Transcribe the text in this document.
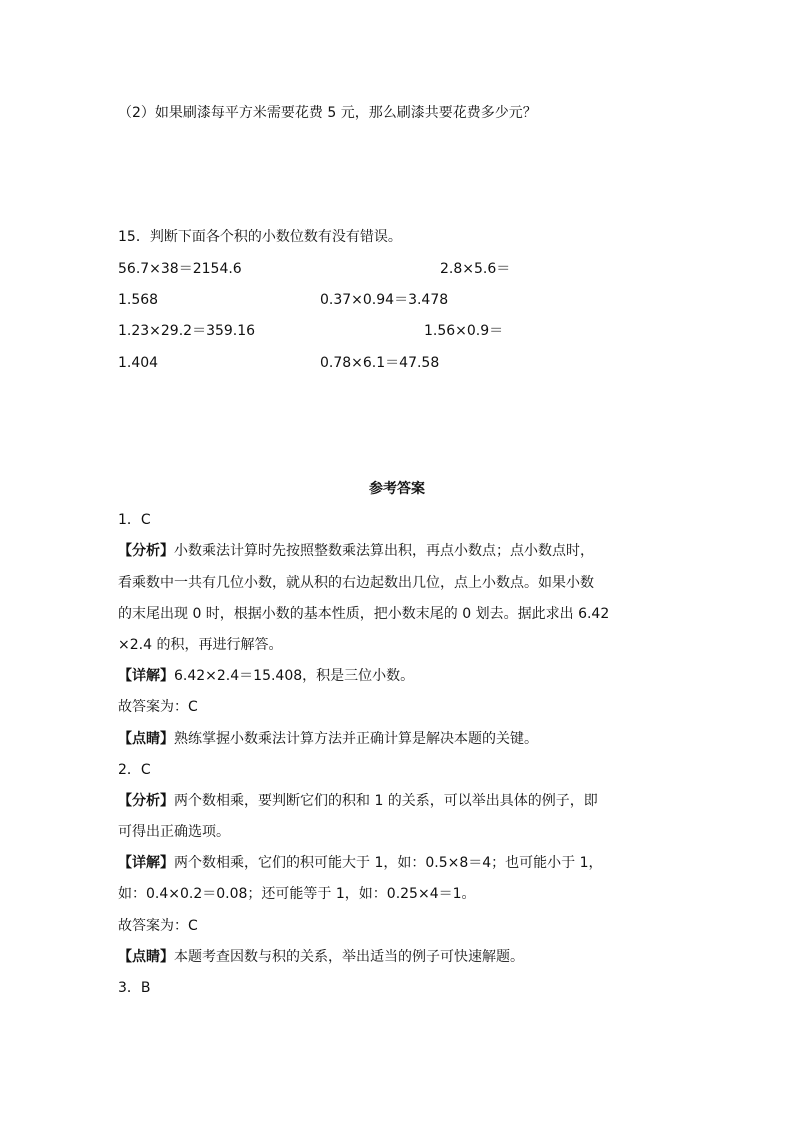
（2）如果刷漆每平方米需要花费 5 元，那么刷漆共要花费多少元？
15．判断下面各个积的小数位数有没有错误。
56.7×38＝2154.6	2.8×5.6＝
1.568	0.37×0.94＝3.478
1.23×29.2＝359.16	1.56×0.9＝
1.404	0.78×6.1＝47.58
参考答案
1．C
【分析】小数乘法计算时先按照整数乘法算出积，再点小数点；点小数点时，
看乘数中一共有几位小数，就从积的右边起数出几位，点上小数点。如果小数
的末尾出现 0 时，根据小数的基本性质，把小数末尾的 0 划去。据此求出 6.42
×2.4 的积，再进行解答。
【详解】6.42×2.4＝15.408，积是三位小数。
故答案为：C
【点睛】熟练掌握小数乘法计算方法并正确计算是解决本题的关键。
2．C
【分析】两个数相乘，要判断它们的积和 1 的关系，可以举出具体的例子，即
可得出正确选项。
【详解】两个数相乘，它们的积可能大于 1，如：0.5×8＝4；也可能小于 1，
如：0.4×0.2＝0.08；还可能等于 1，如：0.25×4＝1。
故答案为：C
【点睛】本题考查因数与积的关系，举出适当的例子可快速解题。
3．B
